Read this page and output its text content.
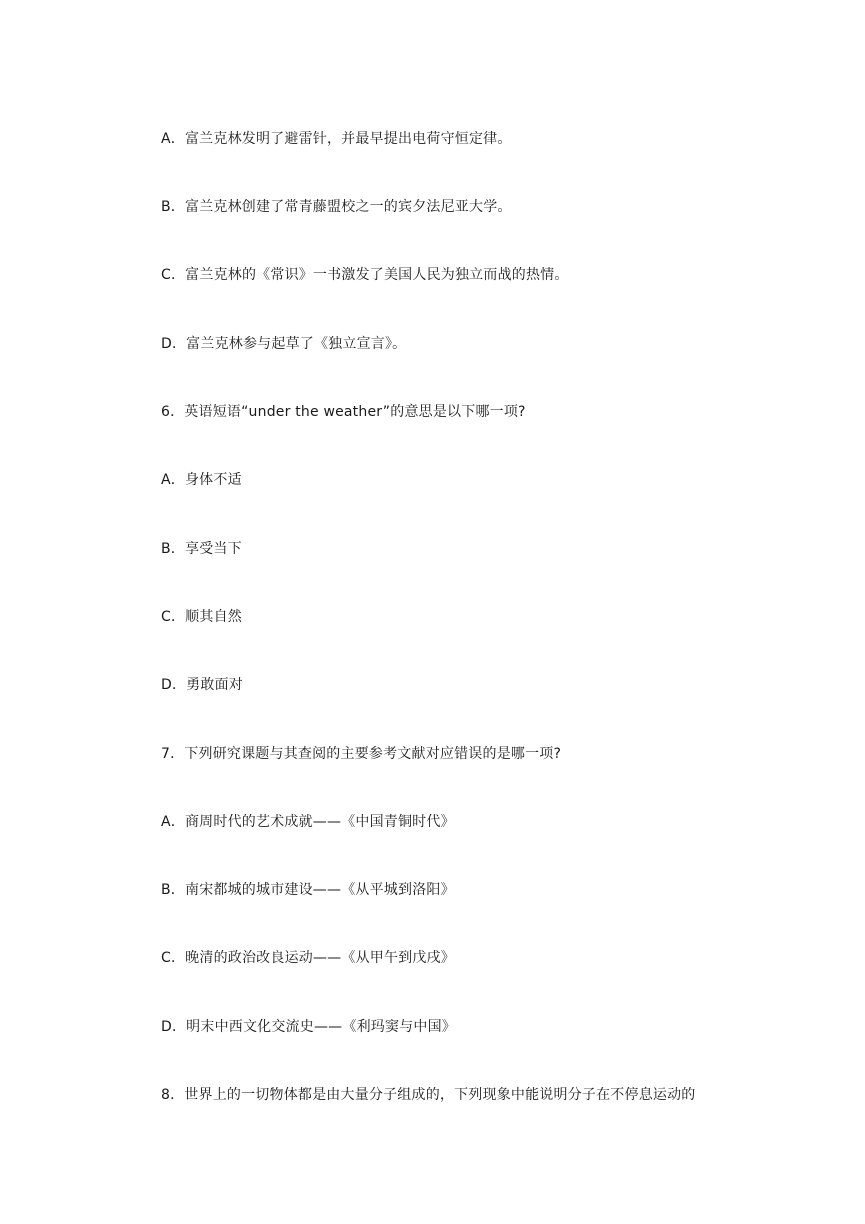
A．富兰克林发明了避雷针，并最早提出电荷守恒定律。
B．富兰克林创建了常青藤盟校之一的宾夕法尼亚大学。
C．富兰克林的《常识》一书激发了美国人民为独立而战的热情。
D．富兰克林参与起草了《独立宣言》。
6．英语短语“under the weather”的意思是以下哪一项?
A．身体不适
B．享受当下
C．顺其自然
D．勇敢面对
7．下列研究课题与其查阅的主要参考文献对应错误的是哪一项?
A．商周时代的艺术成就——《中国青铜时代》
B．南宋都城的城市建设——《从平城到洛阳》
C．晚清的政治改良运动——《从甲午到戊戌》
D．明末中西文化交流史——《利玛窦与中国》
8．世界上的一切物体都是由大量分子组成的，下列现象中能说明分子在不停息运动的
